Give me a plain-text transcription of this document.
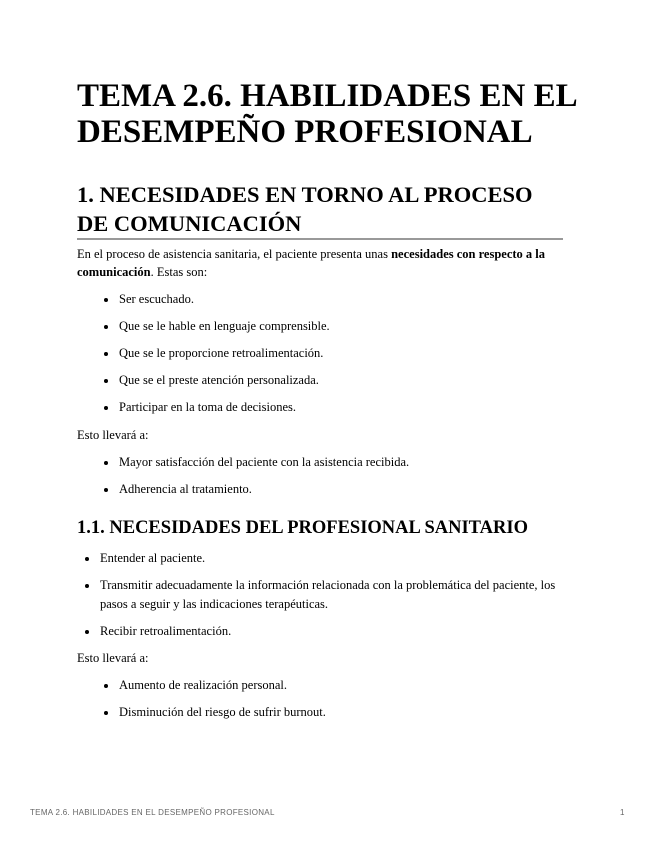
TEMA 2.6. HABILIDADES EN EL DESEMPEÑO PROFESIONAL
1. NECESIDADES EN TORNO AL PROCESO DE COMUNICACIÓN

En el proceso de asistencia sanitaria, el paciente presenta unas necesidades con respecto a la comunicación. Estas son:

Ser escuchado.
Que se le hable en lenguaje comprensible.
Que se le proporcione retroalimentación.
Que se el preste atención personalizada.
Participar en la toma de decisiones.

Esto llevará a:

Mayor satisfacción del paciente con la asistencia recibida.
Adherencia al tratamiento.
1.1. NECESIDADES DEL PROFESIONAL SANITARIO
Entender al paciente.
Transmitir adecuadamente la información relacionada con la problemática del paciente, los pasos a seguir y las indicaciones terapéuticas.
Recibir retroalimentación.

Esto llevará a:

Aumento de realización personal.
Disminución del riesgo de sufrir burnout.
TEMA 2.6. HABILIDADES EN EL DESEMPEÑO PROFESIONAL	1
